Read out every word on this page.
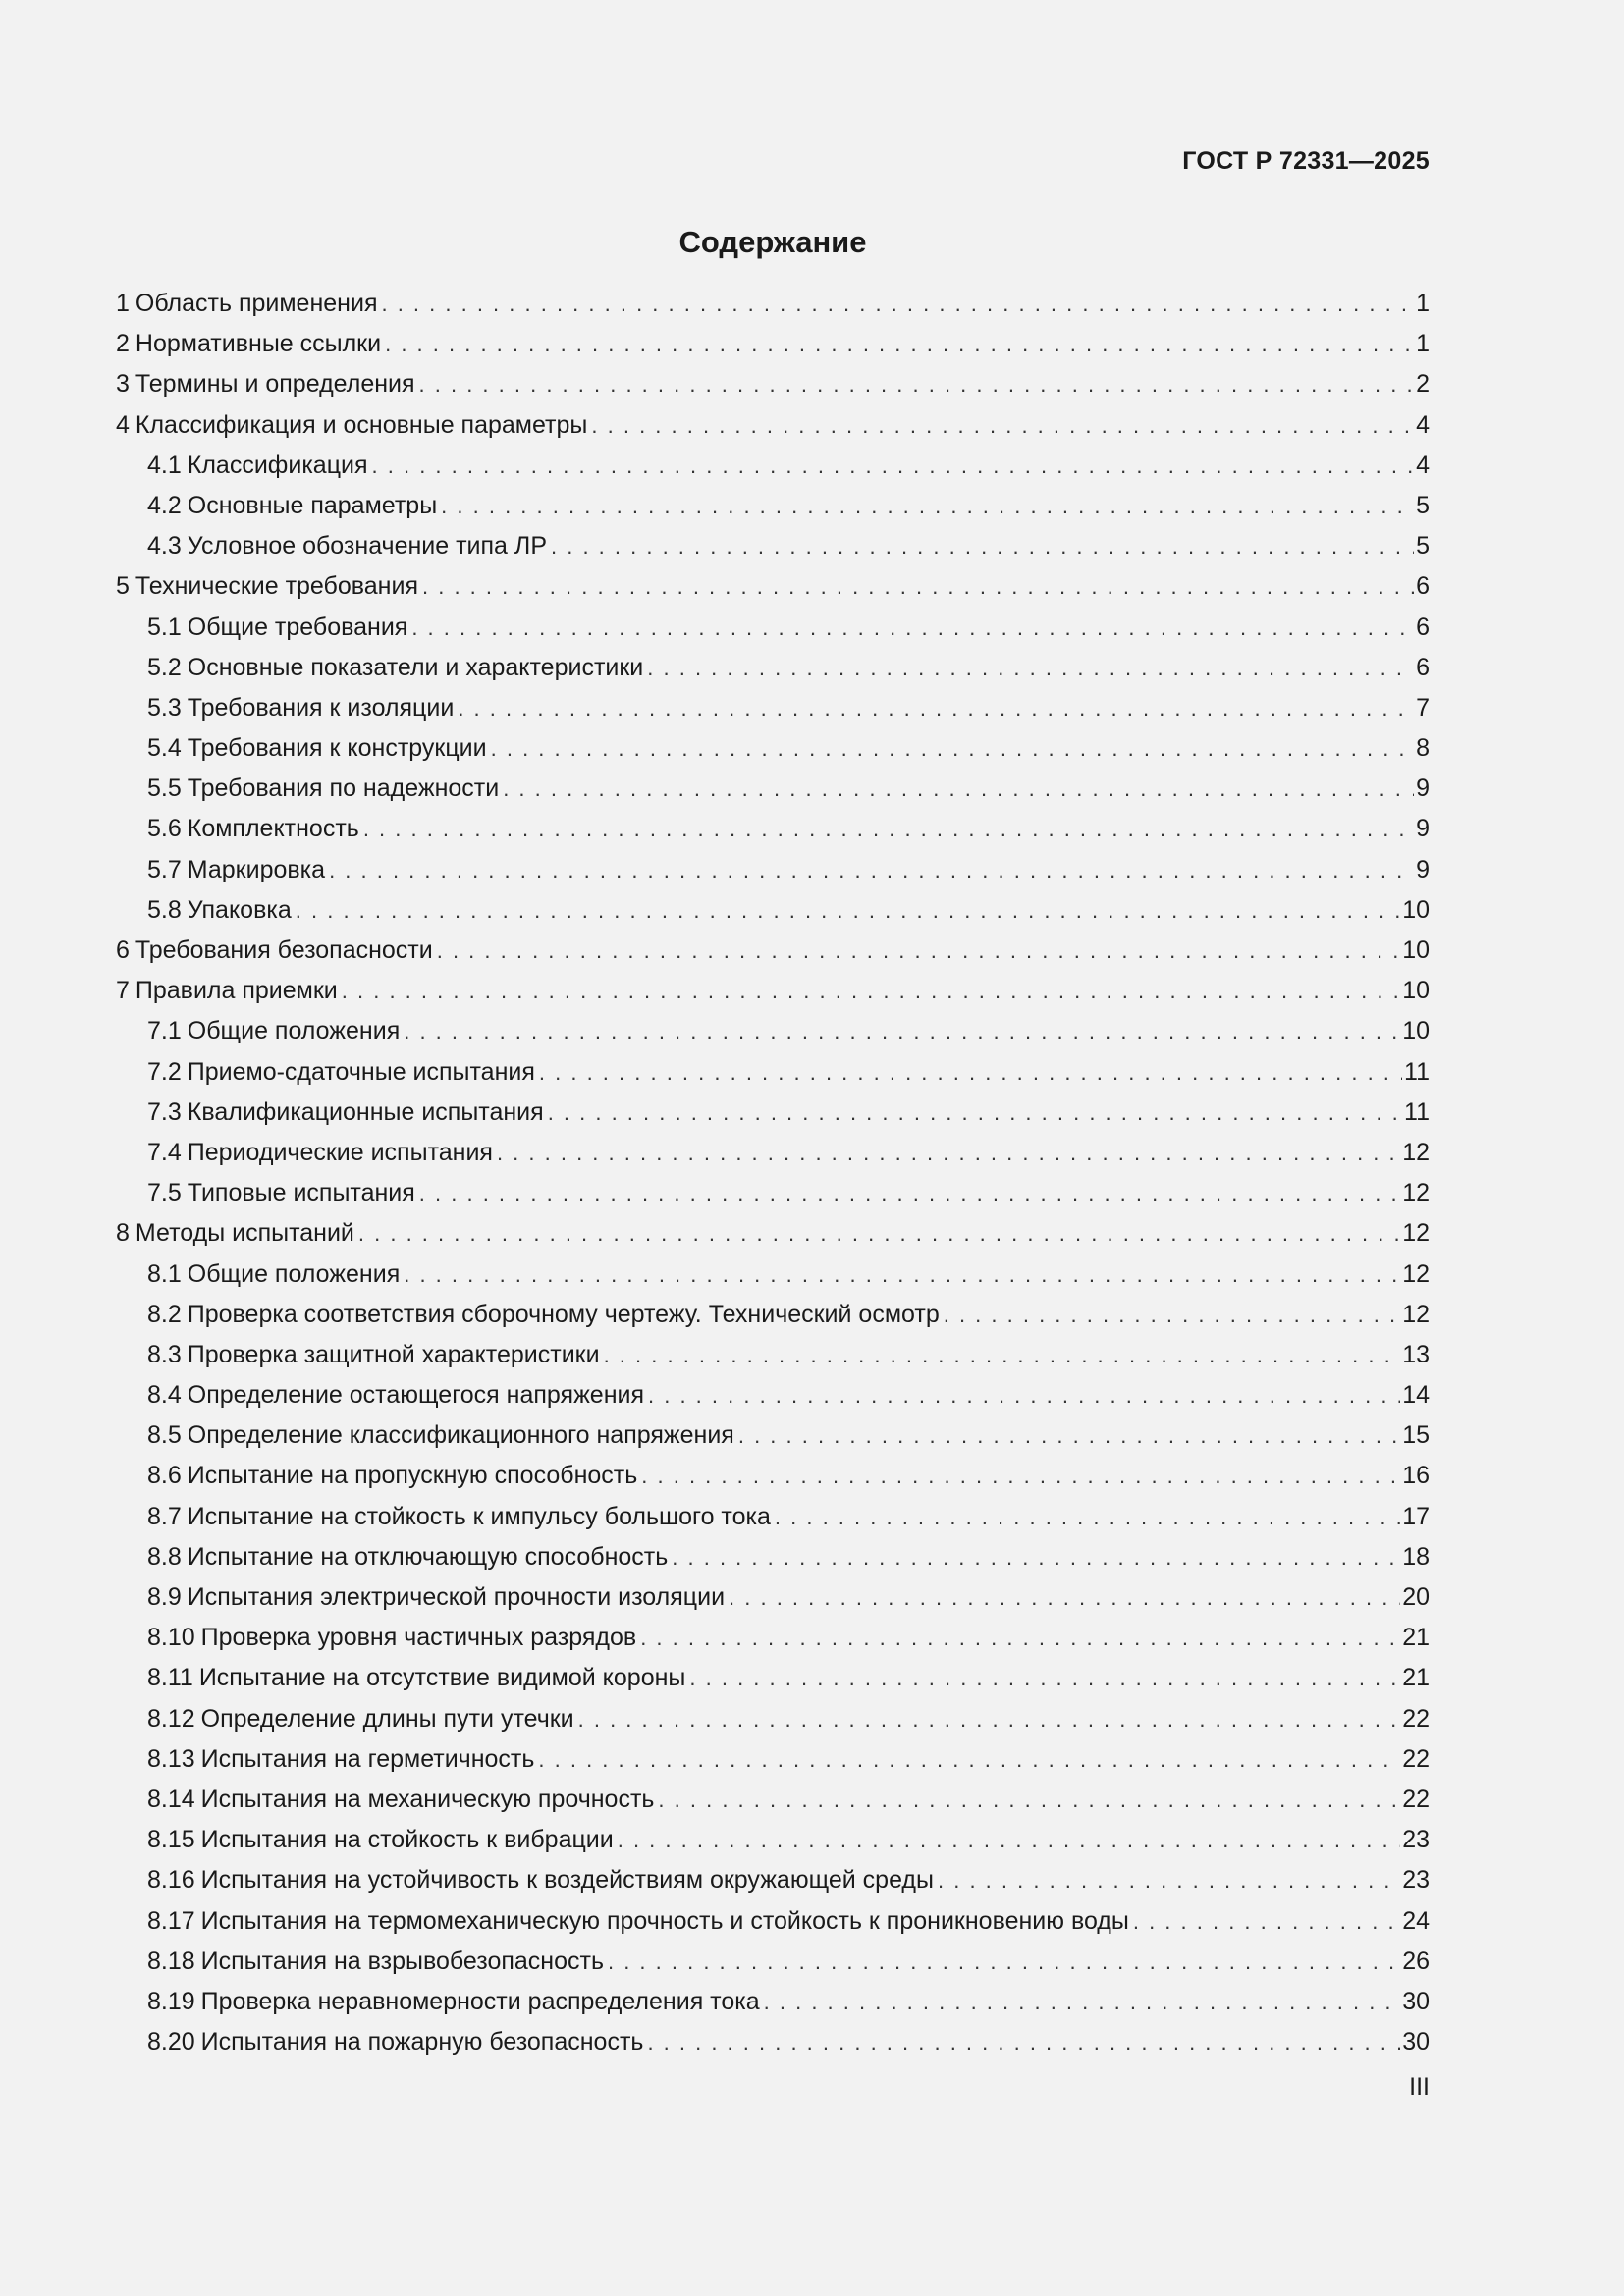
ГОСТ Р 72331—2025
Содержание
1 Область применения . . .	1
2 Нормативные ссылки . . .	1
3 Термины и определения . . .	2
4 Классификация и основные параметры . . .	4
4.1 Классификация . . .	4
4.2 Основные параметры . . .	5
4.3 Условное обозначение типа ЛР . . .	5
5 Технические требования . . .	6
5.1 Общие требования . . .	6
5.2 Основные показатели и характеристики . . .	6
5.3 Требования к изоляции . . .	7
5.4 Требования к конструкции . . .	8
5.5 Требования по надежности . . .	9
5.6 Комплектность . . .	9
5.7 Маркировка . . .	9
5.8 Упаковка . . .	10
6 Требования безопасности . . .	10
7 Правила приемки . . .	10
7.1 Общие положения . . .	10
7.2 Приемо-сдаточные испытания . . .	11
7.3 Квалификационные испытания . . .	11
7.4 Периодические испытания . . .	12
7.5 Типовые испытания . . .	12
8 Методы испытаний . . .	12
8.1 Общие положения . . .	12
8.2 Проверка соответствия сборочному чертежу. Технический осмотр . . .	12
8.3 Проверка защитной характеристики . . .	13
8.4 Определение остающегося напряжения . . .	14
8.5 Определение классификационного напряжения . . .	15
8.6 Испытание на пропускную способность . . .	16
8.7 Испытание на стойкость к импульсу большого тока . . .	17
8.8 Испытание на отключающую способность . . .	18
8.9 Испытания электрической прочности изоляции . . .	20
8.10 Проверка уровня частичных разрядов . . .	21
8.11 Испытание на отсутствие видимой короны . . .	21
8.12 Определение длины пути утечки . . .	22
8.13 Испытания на герметичность . . .	22
8.14 Испытания на механическую прочность . . .	22
8.15 Испытания на стойкость к вибрации . . .	23
8.16 Испытания на устойчивость к воздействиям окружающей среды . . .	23
8.17 Испытания на термомеханическую прочность и стойкость к проникновению воды . . .	24
8.18 Испытания на взрывобезопасность . . .	26
8.19 Проверка неравномерности распределения тока . . .	30
8.20 Испытания на пожарную безопасность . . .	30
III
